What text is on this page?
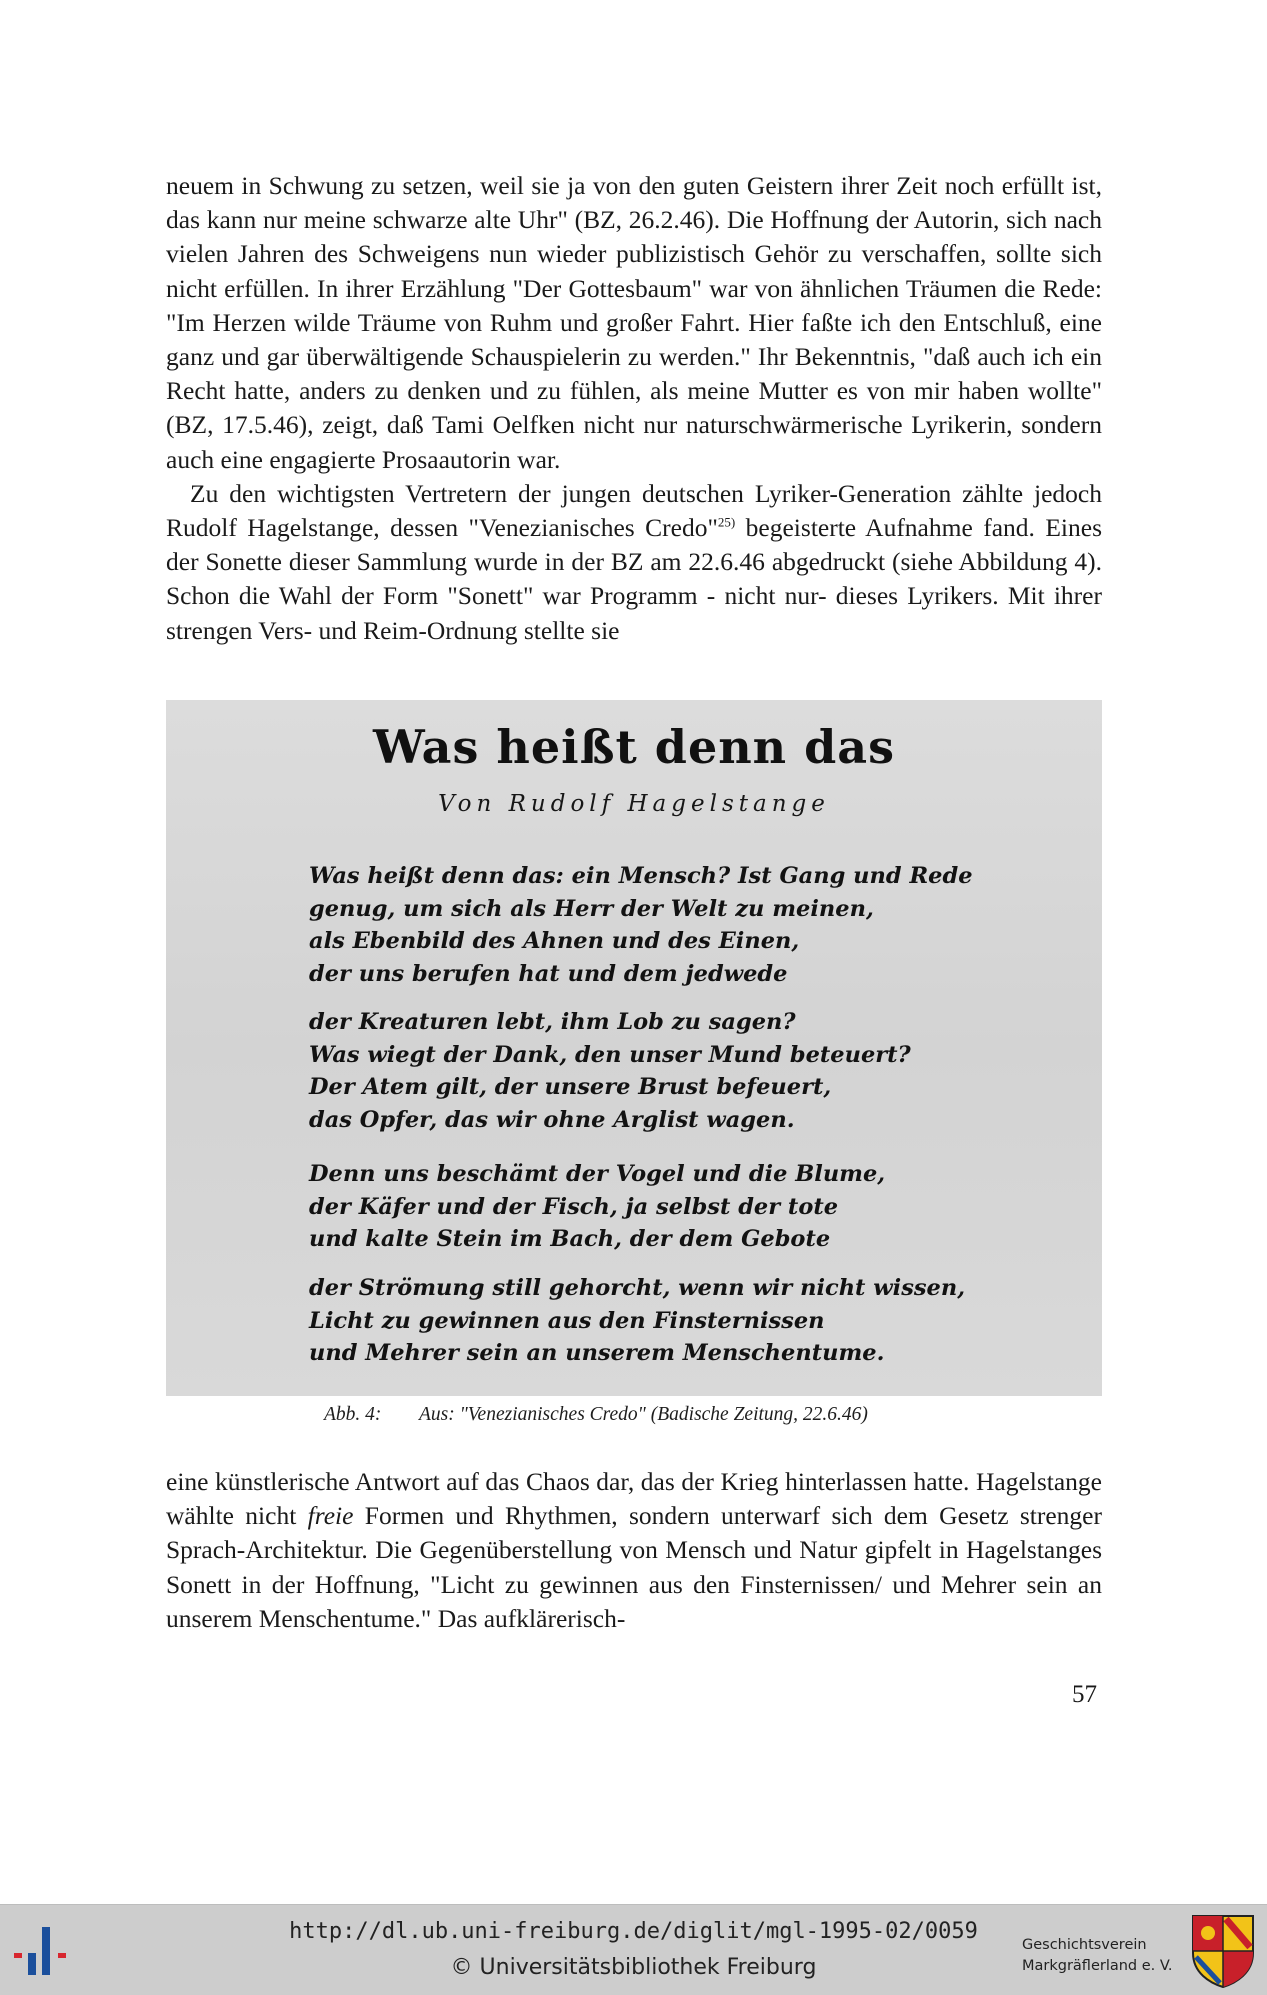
neuem in Schwung zu setzen, weil sie ja von den guten Geistern ihrer Zeit noch erfüllt ist, das kann nur meine schwarze alte Uhr" (BZ, 26.2.46). Die Hoffnung der Autorin, sich nach vielen Jahren des Schweigens nun wieder publizistisch Gehör zu verschaffen, sollte sich nicht erfüllen. In ihrer Erzählung "Der Gottesbaum" war von ähnlichen Träumen die Rede: "Im Herzen wilde Träume von Ruhm und großer Fahrt. Hier faßte ich den Entschluß, eine ganz und gar überwältigende Schauspielerin zu werden." Ihr Bekenntnis, "daß auch ich ein Recht hatte, anders zu denken und zu fühlen, als meine Mutter es von mir haben wollte" (BZ, 17.5.46), zeigt, daß Tami Oelfken nicht nur naturschwärmerische Lyrikerin, sondern auch eine engagierte Prosaautorin war.

Zu den wichtigsten Vertretern der jungen deutschen Lyriker-Generation zählte jedoch Rudolf Hagelstange, dessen "Venezianisches Credo"$^{25)}$ begeisterte Aufnahme fand. Eines der Sonette dieser Sammlung wurde in der BZ am 22.6.46 abgedruckt (siehe Abbildung 4). Schon die Wahl der Form "Sonett" war Programm - nicht nur- dieses Lyrikers. Mit ihrer strengen Vers- und Reim-Ordnung stellte sie

Was heißt denn das
Von Rudolf Hagelstange
Was heißt denn das: ein Mensch? Ist Gang und Rede
genug, um sich als Herr der Welt zu meinen,
als Ebenbild des Ahnen und des Einen,
der uns berufen hat und dem jedwede
der Kreaturen lebt, ihm Lob zu sagen?
Was wiegt der Dank, den unser Mund beteuert?
Der Atem gilt, der unsere Brust befeuert,
das Opfer, das wir ohne Arglist wagen.
Denn uns beschämt der Vogel und die Blume,
der Käfer und der Fisch, ja selbst der tote
und kalte Stein im Bach, der dem Gebote
der Strömung still gehorcht, wenn wir nicht wissen,
Licht zu gewinnen aus den Finsternissen
und Mehrer sein an unserem Menschentume.
Abb. 4: Aus: "Venezianisches Credo" (Badische Zeitung, 22.6.46)

eine künstlerische Antwort auf das Chaos dar, das der Krieg hinterlassen hatte. Hagelstange wählte nicht freie Formen und Rhythmen, sondern unterwarf sich dem Gesetz strenger Sprach-Architektur. Die Gegenüberstellung von Mensch und Natur gipfelt in Hagelstanges Sonett in der Hoffnung, "Licht zu gewinnen aus den Finsternissen/ und Mehrer sein an unserem Menschentume." Das aufklärerisch-

57
http://dl.ub.uni-freiburg.de/diglit/mgl-1995-02/0059
© Universitätsbibliothek Freiburg
Geschichtsverein
Markgräflerland e. V.
